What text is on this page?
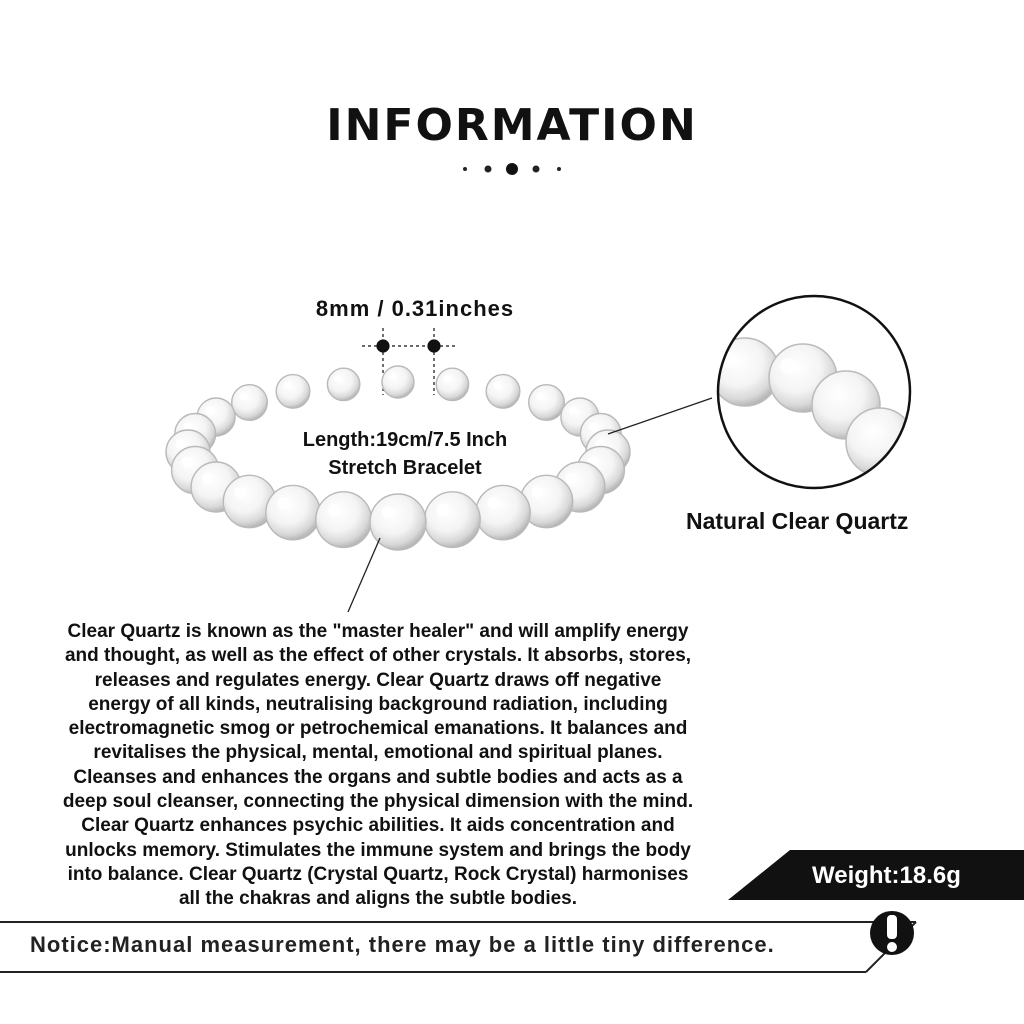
INFORMATION
8mm / 0.31inches
Length:19cm/7.5 Inch
Stretch Bracelet
Natural Clear Quartz
Clear Quartz is known as the "master healer" and will amplify energy
and thought, as well as the effect of other crystals. It absorbs, stores,
releases and regulates energy. Clear Quartz draws off negative
energy of all kinds, neutralising background radiation, including
electromagnetic smog or petrochemical emanations. It balances and
revitalises the physical, mental, emotional and spiritual planes.
Cleanses and enhances the organs and subtle bodies and acts as a
deep soul cleanser, connecting the physical dimension with the mind.
Clear Quartz enhances psychic abilities. It aids concentration and
unlocks memory. Stimulates the immune system and brings the body
into balance. Clear Quartz (Crystal Quartz, Rock Crystal) harmonises
all the chakras and aligns the subtle bodies.
Weight:18.6g
Notice:Manual measurement, there may be a little tiny difference.
